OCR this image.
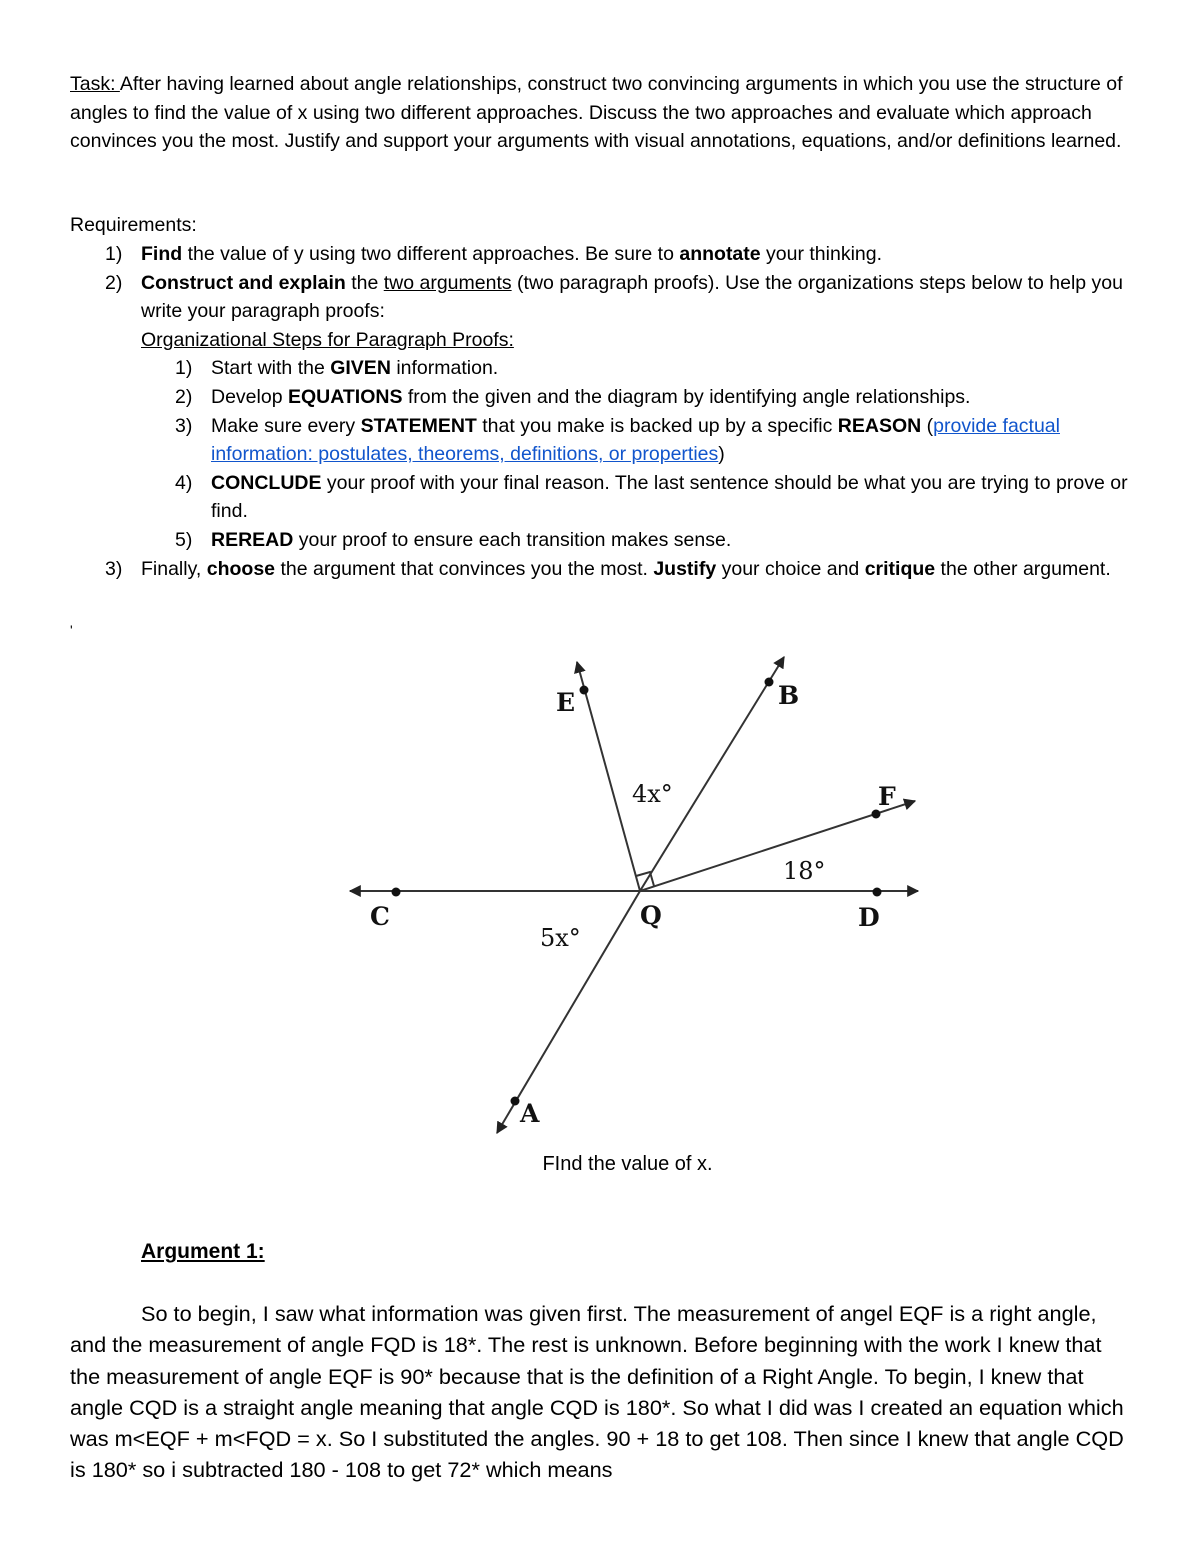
Task: After having learned about angle relationships, construct two convincing arguments in which you use the structure of angles to find the value of x using two different approaches. Discuss the two approaches and evaluate which approach convinces you the most. Justify and support your arguments with visual annotations, equations, and/or definitions learned.

Requirements:
1) Find the value of y using two different approaches. Be sure to annotate your thinking.
2) Construct and explain the two arguments (two paragraph proofs). Use the organizations steps below to help you write your paragraph proofs:
Organizational Steps for Paragraph Proofs:
1) Start with the GIVEN information.
2) Develop EQUATIONS from the given and the diagram by identifying angle relationships.
3) Make sure every STATEMENT that you make is backed up by a specific REASON (provide factual information: postulates, theorems, definitions, or properties)
4) CONCLUDE your proof with your final reason. The last sentence should be what you are trying to prove or find.
5) REREAD your proof to ensure each transition makes sense.
3) Finally, choose the argument that convinces you the most. Justify your choice and critique the other argument.
'
E	B
F
C	Q	D
A
4x°
18°
5x°
FInd the value of x.
Argument 1:

So to begin, I saw what information was given first. The measurement of angel EQF is a right angle, and the measurement of angle FQD is 18*. The rest is unknown. Before beginning with the work I knew that the measurement of angle EQF is 90* because that is the definition of a Right Angle. To begin, I knew that angle CQD is a straight angle meaning that angle CQD is 180*. So what I did was I created an equation which was m<EQF + m<FQD = x. So I substituted the angles. 90 + 18 to get 108. Then since I knew that angle CQD is 180* so i subtracted 180 - 108 to get 72* which means
